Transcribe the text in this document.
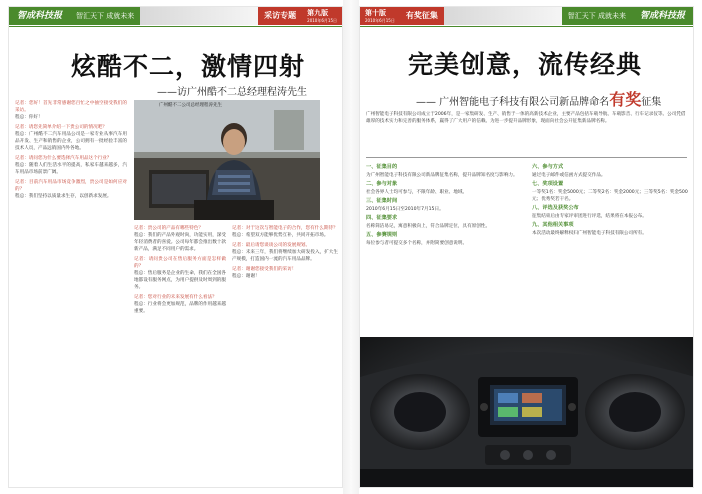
智成科技报	智汇天下 成就未来	采访专题	第九版
2010年6月15日
炫酷不二，激情四射
——访广州酷不二总经理程涛先生

记者：您好！首先非常感谢您百忙之中抽空接受我们的采访。
程总：你好！

记者：请您先简单介绍一下贵公司的情况吧？
程总：广州酷不二汽车用品公司是一家专业从事汽车用品开发、生产和销售的企业，公司拥有一批经验丰富的技术人员，产品远销国内外各地。

记者：请问您为什么要选择汽车用品这个行业？
程总：随着人们生活水平的提高，私家车越来越多，汽车用品市场前景广阔。

记者：目前汽车用品市场竞争激烈，贵公司是如何应对的？
程总：我们坚持以质量求生存，以创新求发展。

广州酷不二公司总经理程涛先生

记者：贵公司的产品有哪些特色？
程总：我们的产品外观时尚，功能实用，深受年轻消费者的喜爱。公司每年都会推出数十款新产品，满足不同用户的需求。

记者：请问贵公司在售后服务方面是怎样做的？
程总：售后服务是企业的生命，我们在全国各地都设有服务网点，为用户提供及时周到的服务。

记者：您对行业的未来发展有什么看法？
程总：行业将会更加规范，品牌的作用越来越重要。

记者：对于这次与智能电子的合作，您有什么期待？
程总：希望双方能够优势互补，共同开拓市场。

记者：最后请您谈谈公司的发展规划。
程总：未来三年，我们将继续加大研发投入，扩大生产规模，打造国内一流的汽车用品品牌。

记者：谢谢您接受我们的采访！
程总：谢谢！

第十版
2010年6月15日
有奖征集	智汇天下 成就未来	智成科技报
完美创意，流传经典
—— 广州智能电子科技有限公司新品牌命名有奖征集
广州智能电子科技有限公司成立于2006年，是一家集研发、生产、销售于一体的高新技术企业，主要产品包括车载导航、车载影音、行车记录仪等。公司凭借雄厚的技术实力和完善的服务体系，赢得了广大用户的信赖。为进一步提升品牌形象，现面向社会公开征集新品牌名称。
一、征集目的
为广州智能电子科技有限公司新品牌征集名称，提升品牌知名度与影响力。
二、参与对象
社会各界人士均可参与，不限年龄、职业、地域。
三、征集时间
2010年6月15日至2010年7月15日。
四、征集要求
名称简洁易记，寓意积极向上，符合品牌定位，具有原创性。
五、参赛规则
每位参与者可提交多个名称，并附简要创意说明。
六、参与方式
通过电子邮件或信函方式提交作品。
七、奖项设置
一等奖1名：奖金5000元；二等奖2名：奖金2000元；三等奖5名：奖金500元；优秀奖若干名。
八、评选及获奖公布
征集结束后由专家评审团进行评选，结果将在本报公布。
九、其他相关事项
本次活动最终解释权归广州智能电子科技有限公司所有。
